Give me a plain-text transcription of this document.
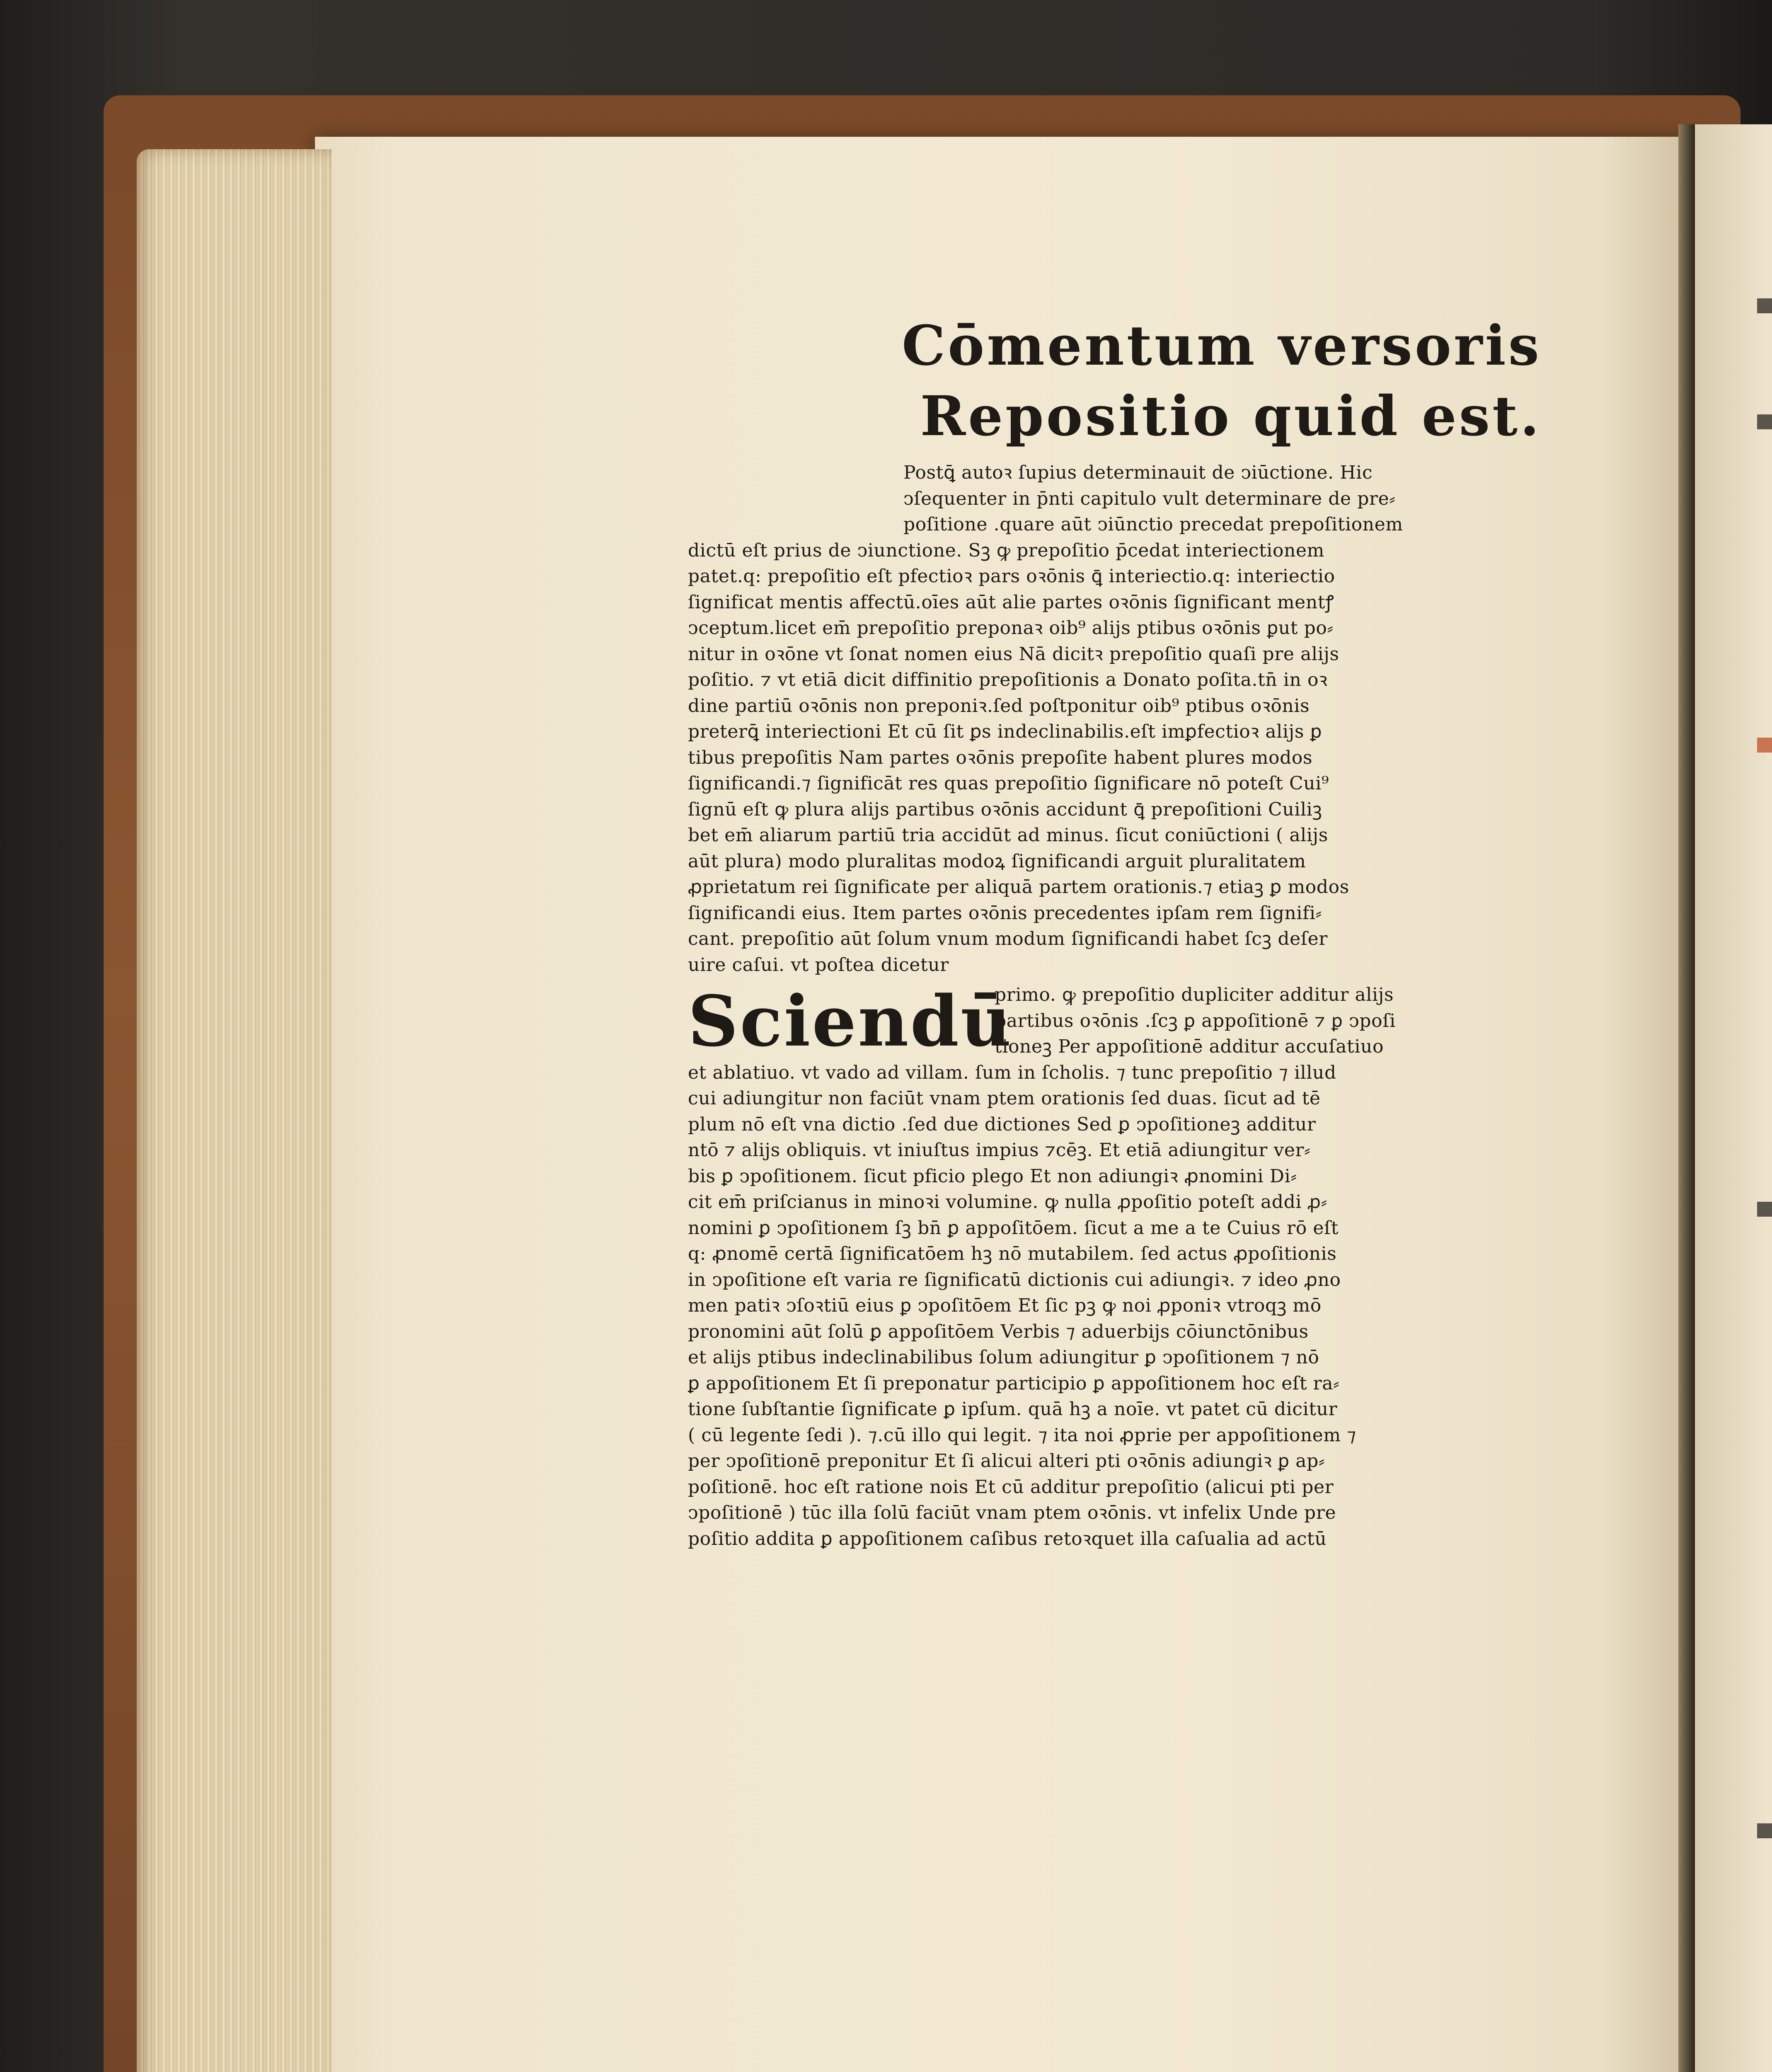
Cōmentum versoris
Repositio quid est.
Postꝗ̄ autoꝛ ſupius determinauit de ↄiūctione. Hic
ↄſequenter in p̄nti capitulo vult determinare de pre⸗
poſitione .quare aūt ↄiūnctio precedat prepoſitionem
dictū eſt prius de ↄiunctione. Sꝫ ꝙ prepoſitio p̄cedat interiectionem
patet.q: prepoſitio eſt pfectioꝛ pars oꝛōnis ꝗ̄ interiectio.q: interiectio
ſignificat mentis affectū.oīes aūt alie partes oꝛōnis ſignificant mentꝭ
ↄceptum.licet em̄ prepoſitio preponaꝛ oib⁹ alijs ptibus oꝛōnis ꝑut po⸗
nitur in oꝛōne vt ſonat nomen eius Nā dicitꝛ prepoſitio quaſi pre alijs
poſitio. ⁊ vt etiā dicit diffinitio prepoſitionis a Donato poſita.tn̄ in oꝛ
dine partiū oꝛōnis non preponiꝛ.ſed poſtponitur oib⁹ ptibus oꝛōnis
preterꝗ̄ interiectioni Et cū ſit ꝑs indeclinabilis.eſt imꝑfectioꝛ alijs ꝑ
tibus prepoſitis Nam partes oꝛōnis prepoſite habent plures modos
ſignificandi.⁊ ſignificāt res quas prepoſitio ſignificare nō poteſt Cui⁹
ſignū eſt ꝙ plura alijs partibus oꝛōnis accidunt ꝗ̄ prepoſitioni Cuiliꝫ
bet em̄ aliarum partiū tria accidūt ad minus. ſicut coniūctioni ( alijs
aūt plura) modo pluralitas modoꝝ ſignificandi arguit pluralitatem
ꝓprietatum rei ſignificate per aliquā partem orationis.⁊ etiaꝫ ꝑ modos
ſignificandi eius. Item partes oꝛōnis precedentes ipſam rem ſignifi⸗
cant. prepoſitio aūt ſolum vnum modum ſignificandi habet ſcꝫ deſer
uire caſui. vt poſtea dicetur
Sciendū
primo. ꝙ prepoſitio dupliciter additur alijs
partibus oꝛōnis .ſcꝫ ꝑ appoſitionē ⁊ ꝑ ↄpoſi
tioneꝫ Per appoſitionē additur accuſatiuo
et ablatiuo. vt vado ad villam. ſum in ſcholis. ⁊ tunc prepoſitio ⁊ illud
cui adiungitur non faciūt vnam ptem orationis ſed duas. ſicut ad tē
plum nō eſt vna dictio .ſed due dictiones Sed ꝑ ↄpoſitioneꝫ additur
ntō ⁊ alijs obliquis. vt iniuſtus impius ⁊cēꝫ. Et etiā adiungitur ver⸗
bis ꝑ ↄpoſitionem. ſicut pficio plego Et non adiungiꝛ ꝓnomini Di⸗
cit em̄ priſcianus in minoꝛi volumine. ꝙ nulla ꝓpoſitio poteſt addi ꝓ⸗
nomini ꝑ ↄpoſitionem ſꝫ bn̄ ꝑ appoſitōem. ſicut a me a te Cuius rō eſt
q: ꝓnomē certā ſignificatōem hꝫ nō mutabilem. ſed actus ꝓpoſitionis
in ↄpoſitione eſt varia re ſignificatū dictionis cui adiungiꝛ. ⁊ ideo ꝓno
men patiꝛ ↄſoꝛtiū eius ꝑ ↄpoſitōem Et ſic pꝫ ꝙ noi ꝓponiꝛ vtroqꝫ mō
pronomini aūt ſolū ꝑ appoſitōem Verbis ⁊ aduerbijs cōiunctōnibus
et alijs ptibus indeclinabilibus ſolum adiungitur ꝑ ↄpoſitionem ⁊ nō
ꝑ appoſitionem Et ſi preponatur participio ꝑ appoſitionem hoc eſt ra⸗
tione ſubſtantie ſignificate ꝑ ipſum. quā hꝫ a noīe. vt patet cū dicitur
( cū legente ſedi ). ⁊.cū illo qui legit. ⁊ ita noi ꝓprie per appoſitionem ⁊
per ↄpoſitionē preponitur Et ſi alicui alteri pti oꝛōnis adiungiꝛ ꝑ ap⸗
poſitionē. hoc eſt ratione nois Et cū additur prepoſitio (alicui pti per
ↄpoſitionē ) tūc illa ſolū faciūt vnam ptem oꝛōnis. vt infelix Unde pre
poſitio addita ꝑ appoſitionem caſibus retoꝛquet illa caſualia ad actū
